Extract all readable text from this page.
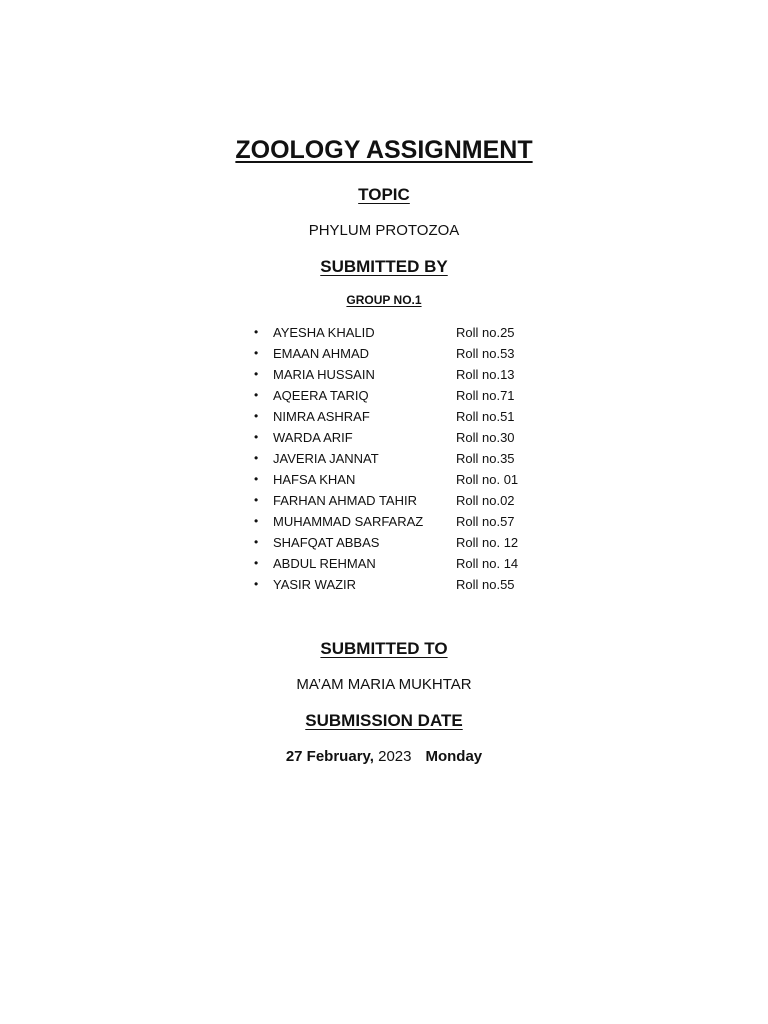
ZOOLOGY ASSIGNMENT
TOPIC
PHYLUM PROTOZOA
SUBMITTED BY
GROUP NO.1
• AYESHA KHALID	Roll no.25
• EMAAN AHMAD	Roll no.53
• MARIA HUSSAIN	Roll no.13
• AQEERA TARIQ	Roll no.71
• NIMRA ASHRAF	Roll no.51
• WARDA ARIF	Roll no.30
• JAVERIA JANNAT	Roll no.35
• HAFSA KHAN	Roll no. 01
• FARHAN AHMAD TAHIR	Roll no.02
• MUHAMMAD SARFARAZ	Roll no.57
• SHAFQAT ABBAS	Roll no. 12
• ABDUL REHMAN	Roll no. 14
• YASIR WAZIR	Roll no.55
SUBMITTED TO
MA’AM MARIA MUKHTAR
SUBMISSION DATE
27 February, 2023 Monday
